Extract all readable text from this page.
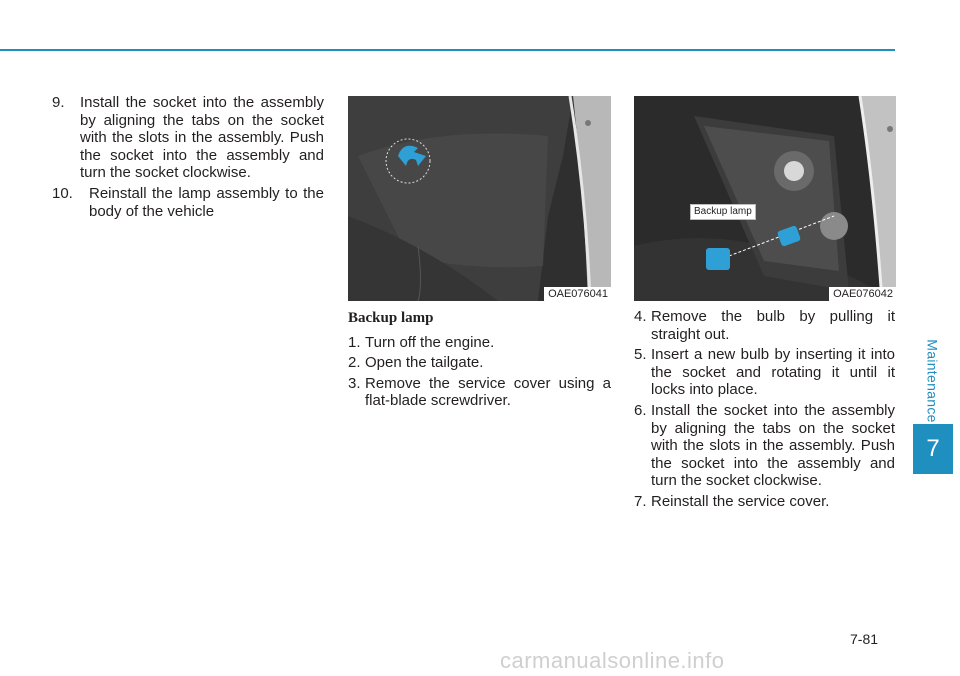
Maintenance
7
9.	Install the socket into the assembly by aligning the tabs on the socket with the slots in the assembly. Push the socket into the assembly and turn the socket clockwise.
10.	Reinstall the lamp assembly to the body of the vehicle
OAE076041
Backup lamp
OAE076042
Backup lamp
1. Turn off the engine.
2. Open the tailgate.
3. Remove the service cover using a flat-blade screwdriver.
4. Remove the bulb by pulling it straight out.
5. Insert a new bulb by inserting it into the socket and rotating it until it locks into place.
6. Install the socket into the assembly by aligning the tabs on the socket with the slots in the assembly. Push the socket into the assembly and turn the socket clockwise.
7. Reinstall the service cover.
7-81
carmanualsonline.info
